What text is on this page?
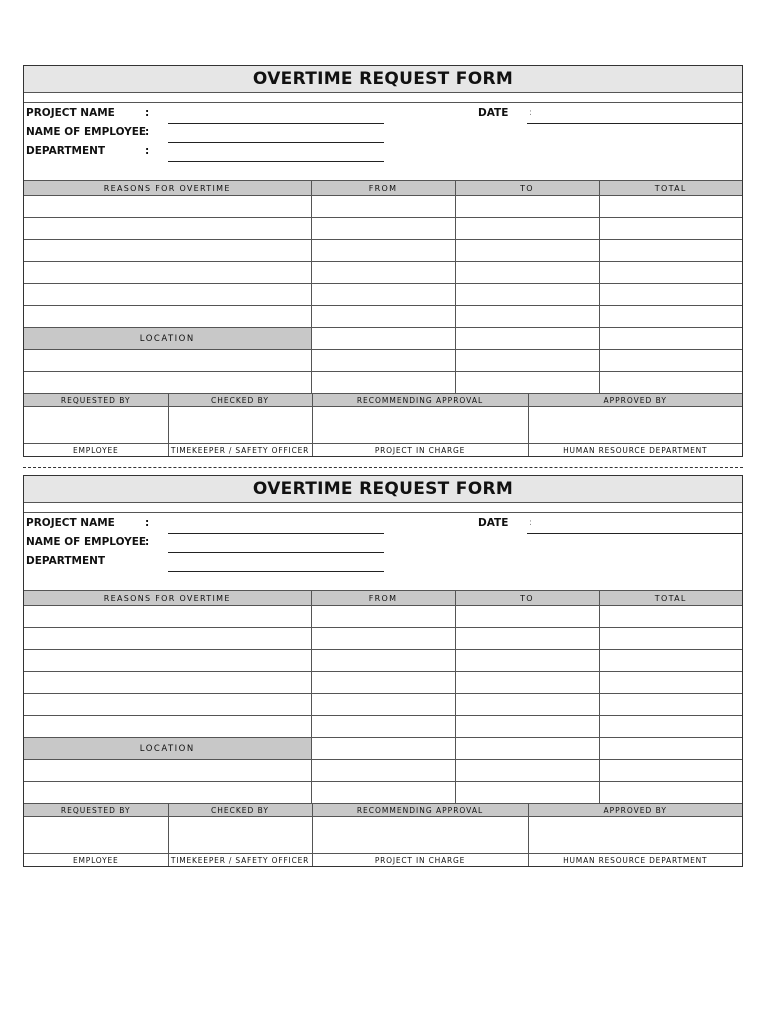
OVERTIME REQUEST FORM
PROJECT NAME	:
NAME OF EMPLOYEE
:
DEPARTMENT	:
DATE :
REASONS FOR OVERTIME	FROM	TO	TOTAL

LOCATION			

REQUESTED BY	CHECKED BY	RECOMMENDING APPROVAL	APPROVED BY

EMPLOYEE	TIMEKEEPER / SAFETY OFFICER	PROJECT IN CHARGE	HUMAN RESOURCE DEPARTMENT
OVERTIME REQUEST FORM
PROJECT NAME	:
NAME OF EMPLOYEE
:
DEPARTMENT
DATE :
REASONS FOR OVERTIME	FROM	TO	TOTAL

LOCATION			

REQUESTED BY	CHECKED BY	RECOMMENDING APPROVAL	APPROVED BY

EMPLOYEE	TIMEKEEPER / SAFETY OFFICER	PROJECT IN CHARGE	HUMAN RESOURCE DEPARTMENT
